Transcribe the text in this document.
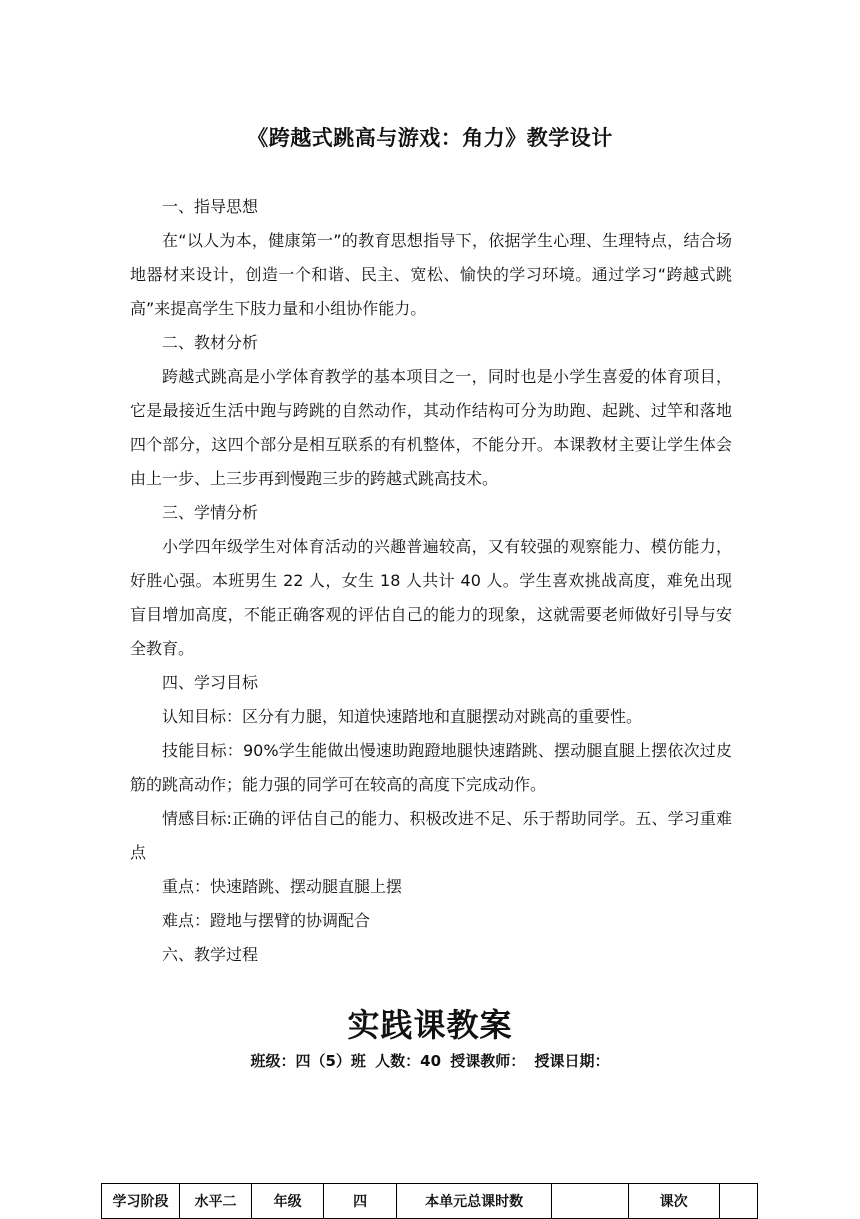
《跨越式跳高与游戏：角力》教学设计
一、指导思想
在“以人为本，健康第一”的教育思想指导下，依据学生心理、生理特点，结合场地器材来设计，创造一个和谐、民主、宽松、愉快的学习环境。通过学习“跨越式跳高”来提高学生下肢力量和小组协作能力。
二、教材分析
跨越式跳高是小学体育教学的基本项目之一，同时也是小学生喜爱的体育项目，它是最接近生活中跑与跨跳的自然动作，其动作结构可分为助跑、起跳、过竿和落地四个部分，这四个部分是相互联系的有机整体，不能分开。本课教材主要让学生体会由上一步、上三步再到慢跑三步的跨越式跳高技术。
三、学情分析
小学四年级学生对体育活动的兴趣普遍较高，又有较强的观察能力、模仿能力，好胜心强。本班男生 22 人，女生 18 人共计 40 人。学生喜欢挑战高度，难免出现盲目增加高度，不能正确客观的评估自己的能力的现象，这就需要老师做好引导与安全教育。
四、学习目标
认知目标：区分有力腿，知道快速踏地和直腿摆动对跳高的重要性。
技能目标：90%学生能做出慢速助跑蹬地腿快速踏跳、摆动腿直腿上摆依次过皮筋的跳高动作；能力强的同学可在较高的高度下完成动作。
情感目标:正确的评估自己的能力、积极改进不足、乐于帮助同学。五、学习重难点
重点：快速踏跳、摆动腿直腿上摆
难点：蹬地与摆臂的协调配合
六、教学过程
实践课教案
班级：四（5）班 人数：40 授课教师： 授课日期：
学习阶段	水平二	年级	四	本单元总课时数		课次	
